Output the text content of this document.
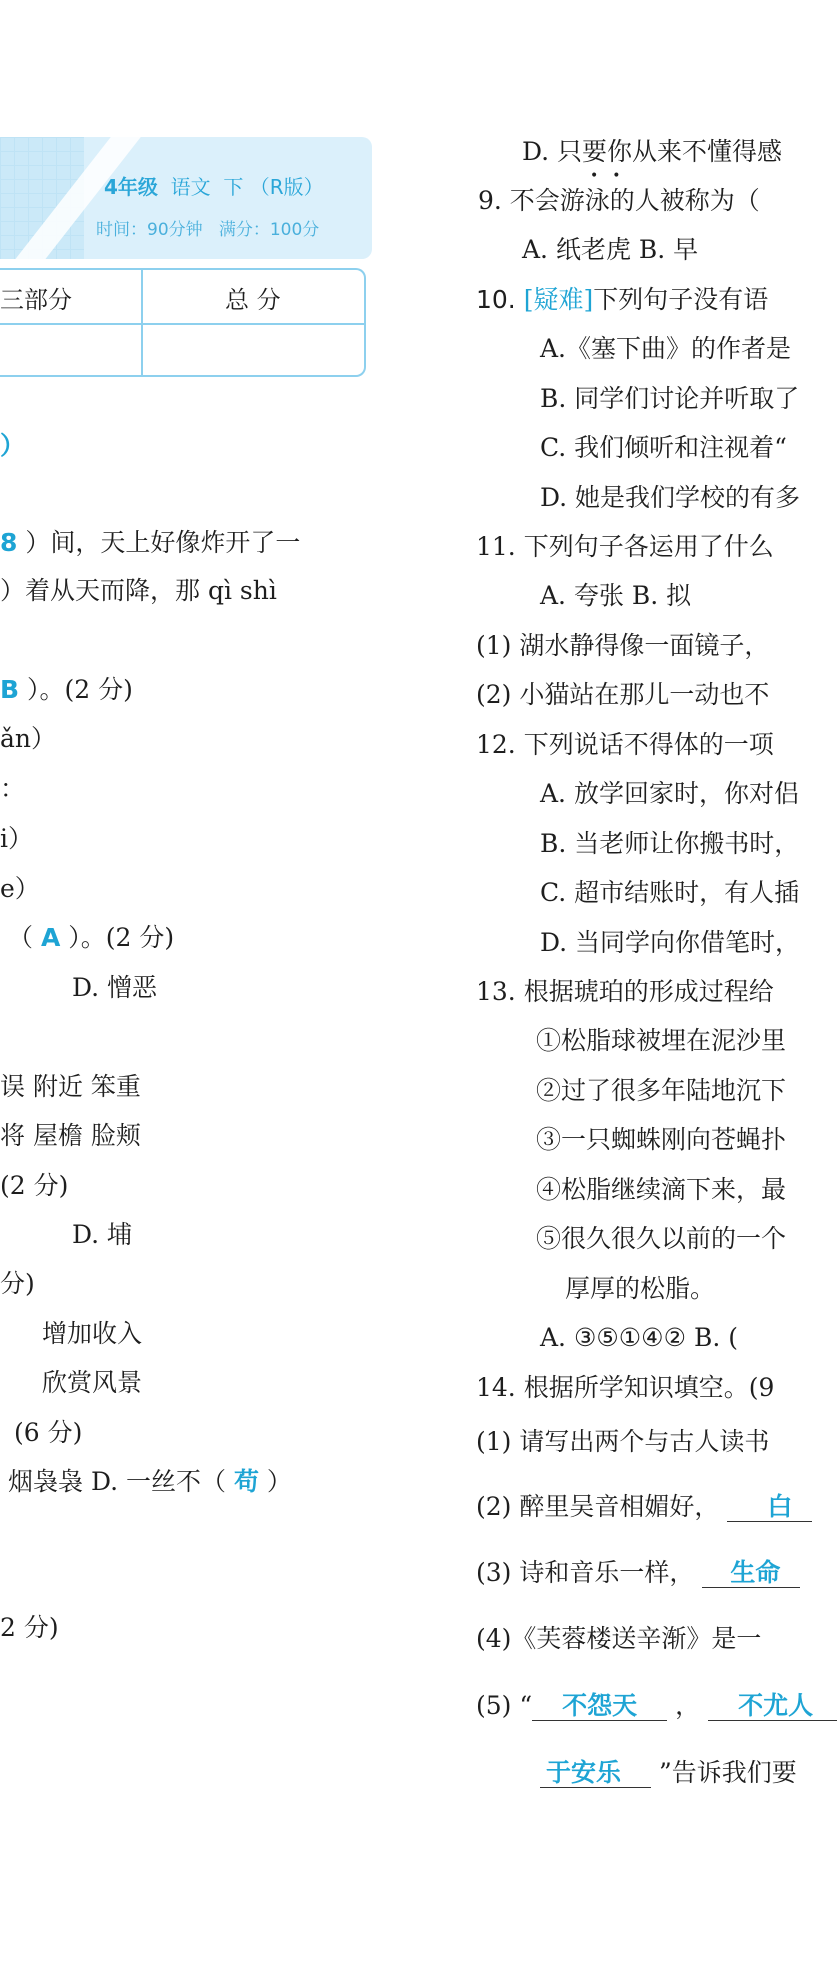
4年级 语文 下 （R版）
时间：90分钟 满分：100分
三部分	总 分
）
8 ）间，天上好像炸开了一
）着从天而降，那 qì shì
B ）。(2 分)
ǎn）
：
i）
e）
（ A ）。(2 分)
D. 憎恶
误 附近 笨重
将 屋檐 脸颊
(2 分)
D. 埔
分)
增加收入
欣赏风景
(6 分)
烟袅袅 D. 一丝不（ 苟 ）
2 分)
D. 只要你从来不懂得感
••
9. 不会游泳的人被称为（
A. 纸老虎 B. 早
10. [疑难]下列句子没有语
A.《塞下曲》的作者是
B. 同学们讨论并听取了
C. 我们倾听和注视着“
D. 她是我们学校的有多
11. 下列句子各运用了什么
A. 夸张 B. 拟
(1) 湖水静得像一面镜子，
(2) 小猫站在那儿一动也不
12. 下列说话不得体的一项
A. 放学回家时，你对侣
B. 当老师让你搬书时，
C. 超市结账时，有人插
D. 当同学向你借笔时，
13. 根据琥珀的形成过程给
①松脂球被埋在泥沙里
②过了很多年陆地沉下
③一只蜘蛛刚向苍蝇扑
④松脂继续滴下来，最
⑤很久很久以前的一个
厚厚的松脂。
A. ③⑤①④② B. (
14. 根据所学知识填空。(9
(1) 请写出两个与古人读书
(2) 醉里吴音相媚好， 白
(3) 诗和音乐一样， 生命
(4)《芙蓉楼送辛渐》是一
(5) “ 不怨天 ， 不尤人
于安乐 ”告诉我们要
